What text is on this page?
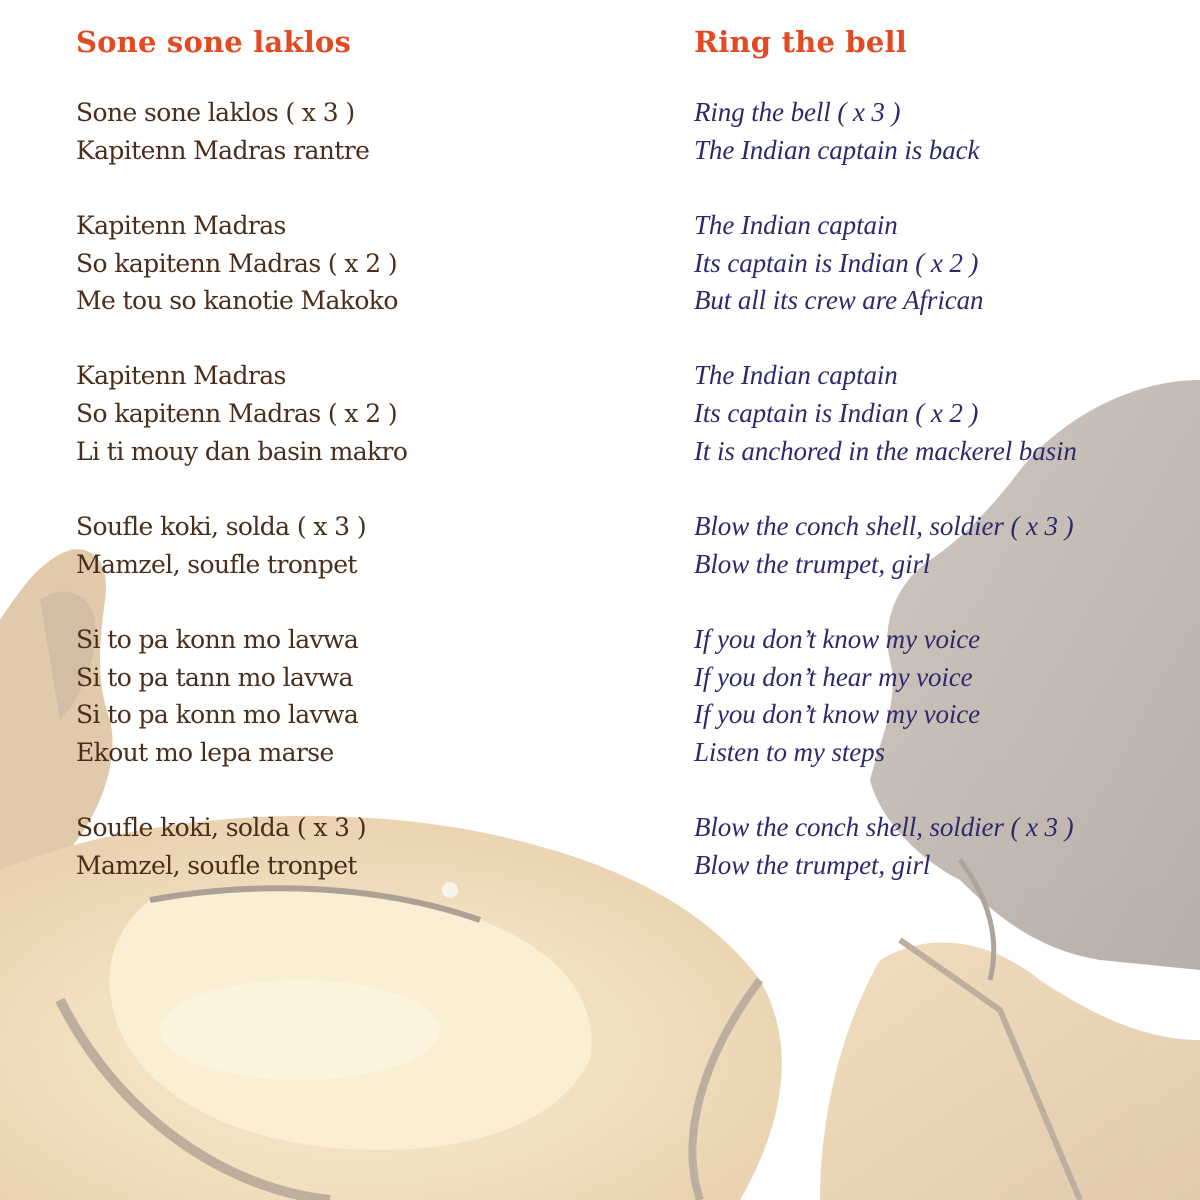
Sone sone laklos
Sone sone laklos ( x 3 )
Kapitenn Madras rantre
Kapitenn Madras
So kapitenn Madras ( x 2 )
Me tou so kanotie Makoko
Kapitenn Madras
So kapitenn Madras ( x 2 )
Li ti mouy dan basin makro
Soufle koki, solda ( x 3 )
Mamzel, soufle tronpet
Si to pa konn mo lavwa
Si to pa tann mo lavwa
Si to pa konn mo lavwa
Ekout mo lepa marse
Soufle koki, solda ( x 3 )
Mamzel, soufle tronpet
Ring the bell
Ring the bell ( x 3 )
The Indian captain is back
The Indian captain
Its captain is Indian ( x 2 )
But all its crew are African
The Indian captain
Its captain is Indian ( x 2 )
It is anchored in the mackerel basin
Blow the conch shell, soldier ( x 3 )
Blow the trumpet, girl
If you don’t know my voice
If you don’t hear my voice
If you don’t know my voice
Listen to my steps
Blow the conch shell, soldier ( x 3 )
Blow the trumpet, girl
